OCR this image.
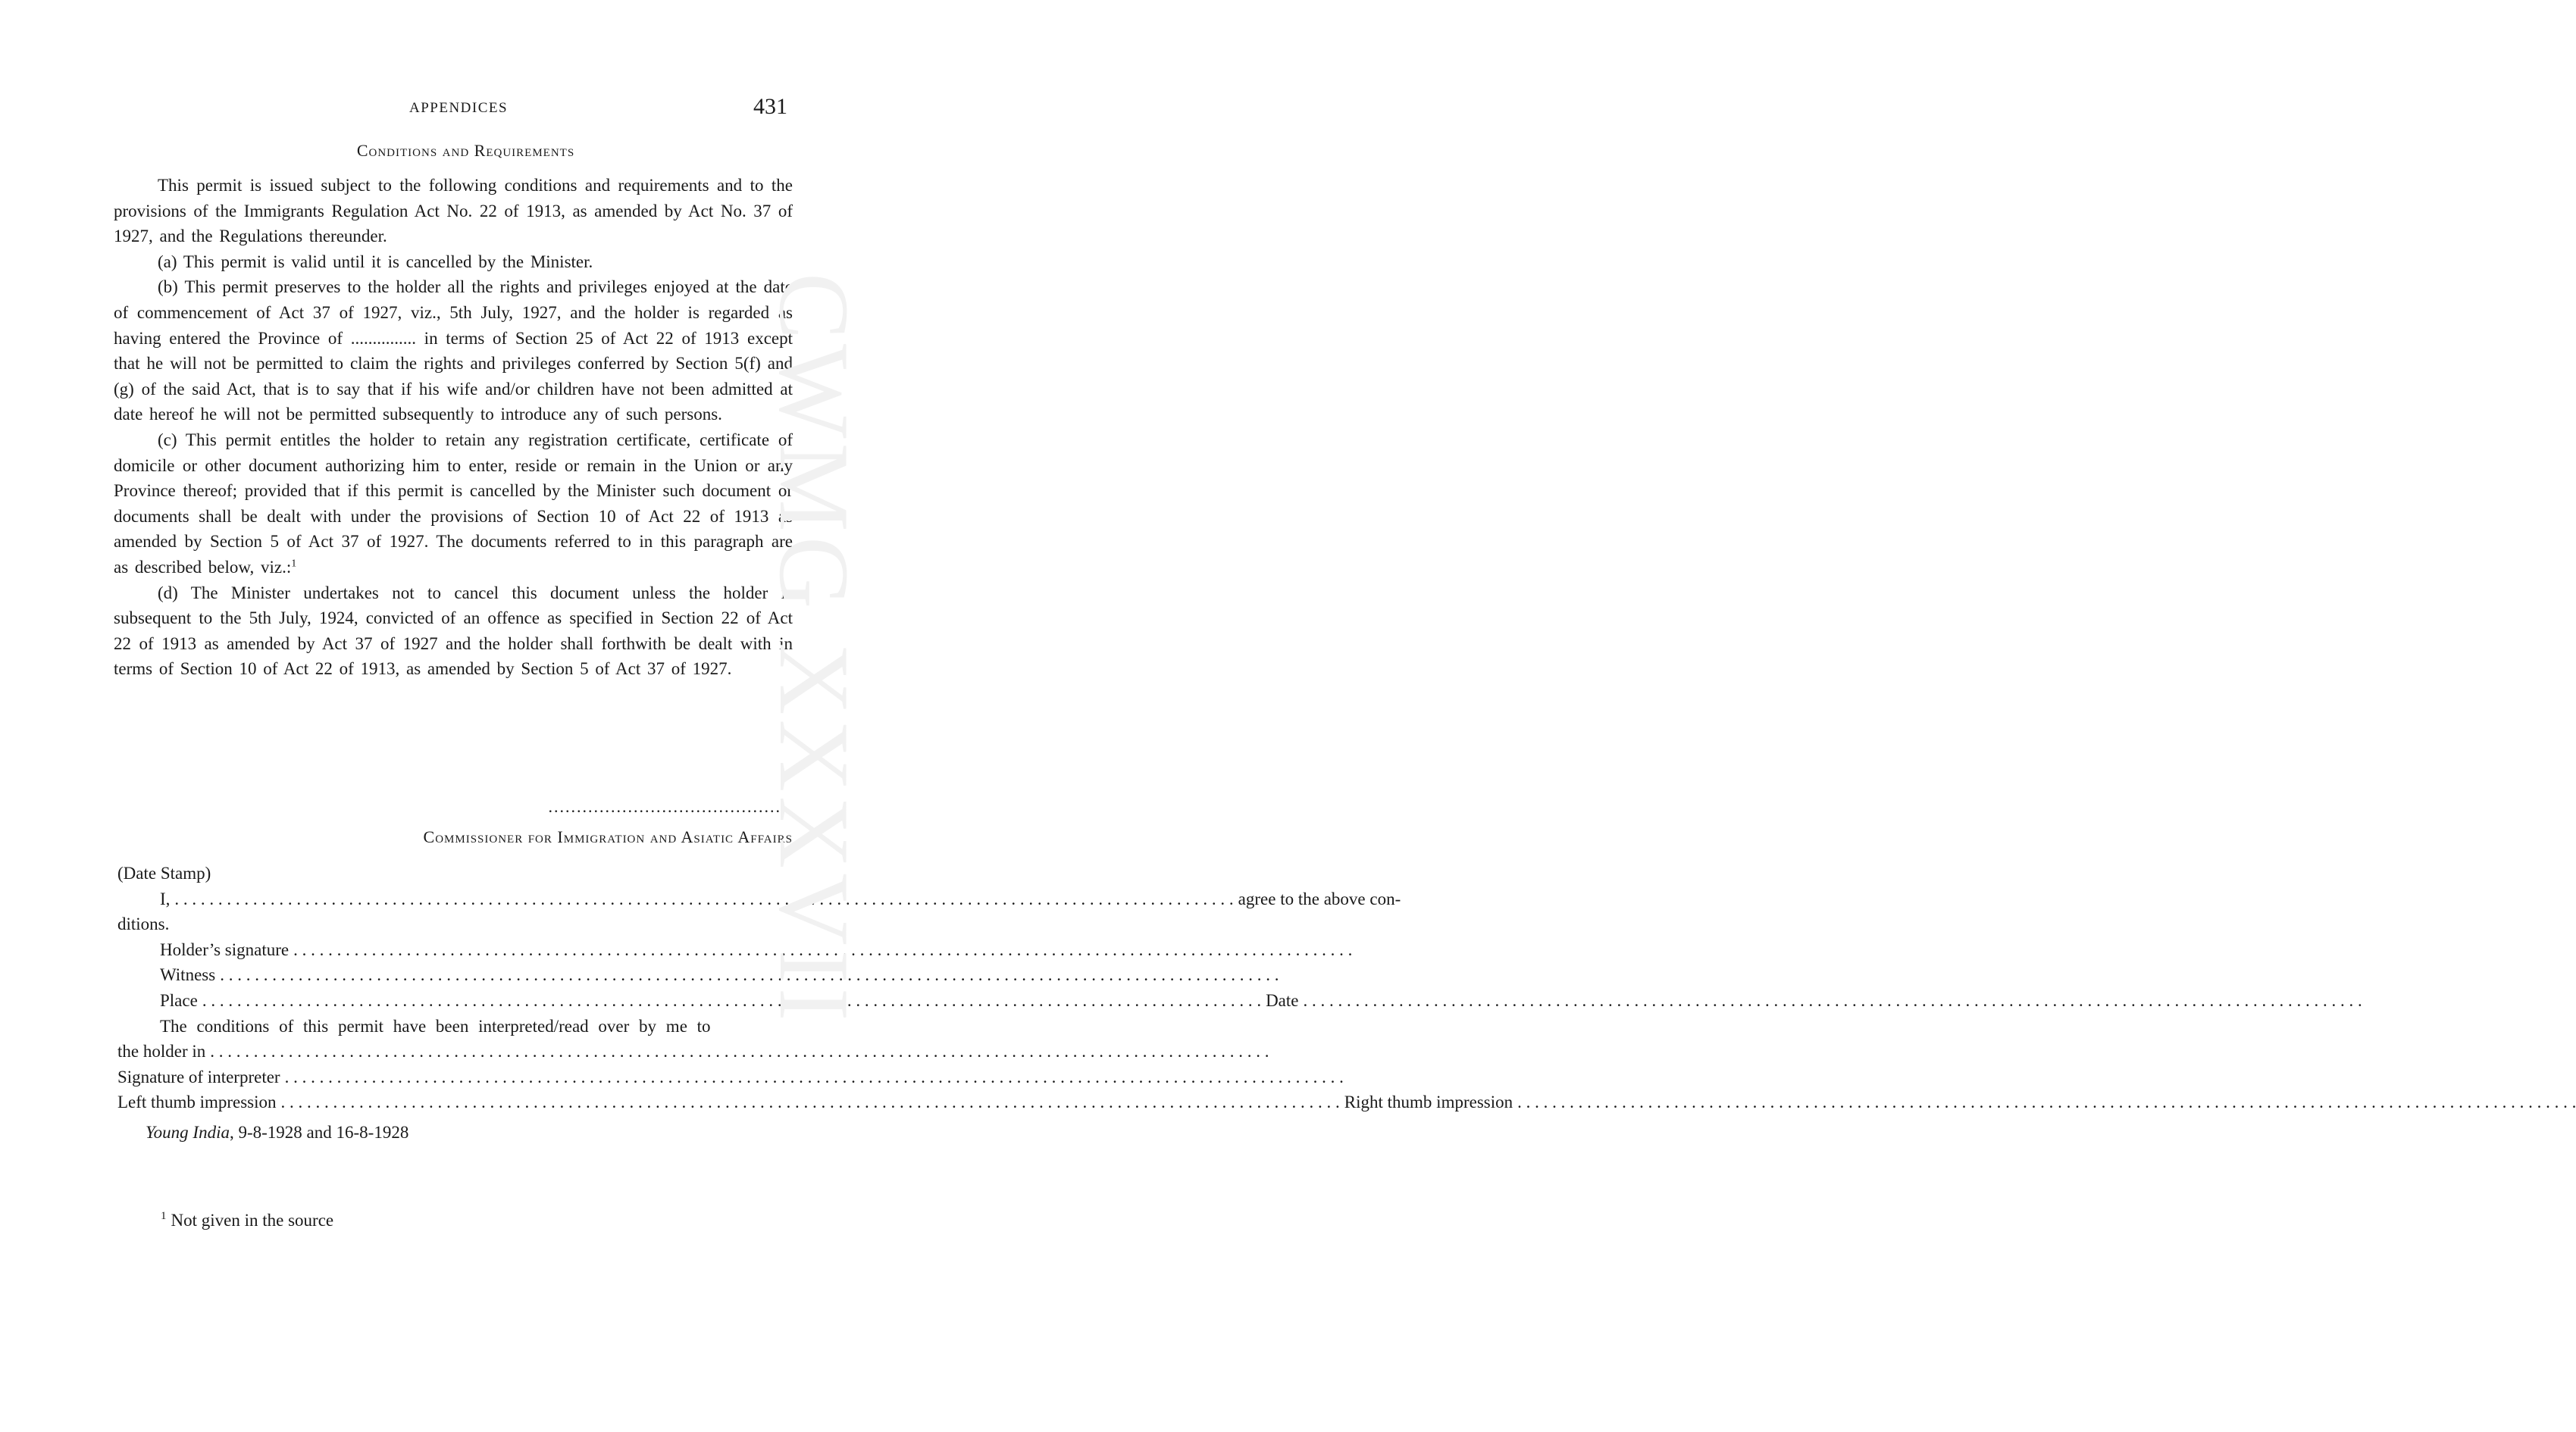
APPENDICES	431
Conditions and Requirements

This permit is issued subject to the following conditions and requirements and to the provisions of the Immigrants Regulation Act No. 22 of 1913, as amended by Act No. 37 of 1927, and the Regulations thereunder.

(a) This permit is valid until it is cancelled by the Minister.

(b) This permit preserves to the holder all the rights and privileges enjoyed at the date of commencement of Act 37 of 1927, viz., 5th July, 1927, and the holder is regarded as having entered the Province of ............... in terms of Section 25 of Act 22 of 1913 except that he will not be permitted to claim the rights and privileges conferred by Section 5(f) and (g) of the said Act, that is to say that if his wife and/or children have not been admitted at date hereof he will not be permitted subsequently to introduce any of such persons.

(c) This permit entitles the holder to retain any registration certificate, certificate of domicile or other document authorizing him to enter, reside or remain in the Union or any Province thereof; provided that if this permit is cancelled by the Minister such document or documents shall be dealt with under the provisions of Section 10 of Act 22 of 1913 as amended by Section 5 of Act 37 of 1927. The documents referred to in this paragraph are as described below, viz.:$^1$

(d) The Minister undertakes not to cancel this document unless the holder is subsequent to the 5th July, 1924, convicted of an offence as specified in Section 22 of Act 22 of 1913 as amended by Act 37 of 1927 and the holder shall forthwith be dealt with in terms of Section 10 of Act 22 of 1913, as amended by Section 5 of Act 37 of 1927.

...........................................
Commissioner for Immigration and Asiatic Affairs
(Date Stamp)
I, . . .	agree to the above con-
ditions.
Holder’s signature
. . .
Witness
. . .
Place . . .	Date
. . .
The conditions of this permit have been interpreted/read over by me to
the holder in
. . .
Signature of interpreter
. . .
Left thumb impression . . .	Right thumb impression
. . .
Young India, 9-8-1928 and 16-8-1928
$^1$ Not given in the source
CWMG XXXVII
